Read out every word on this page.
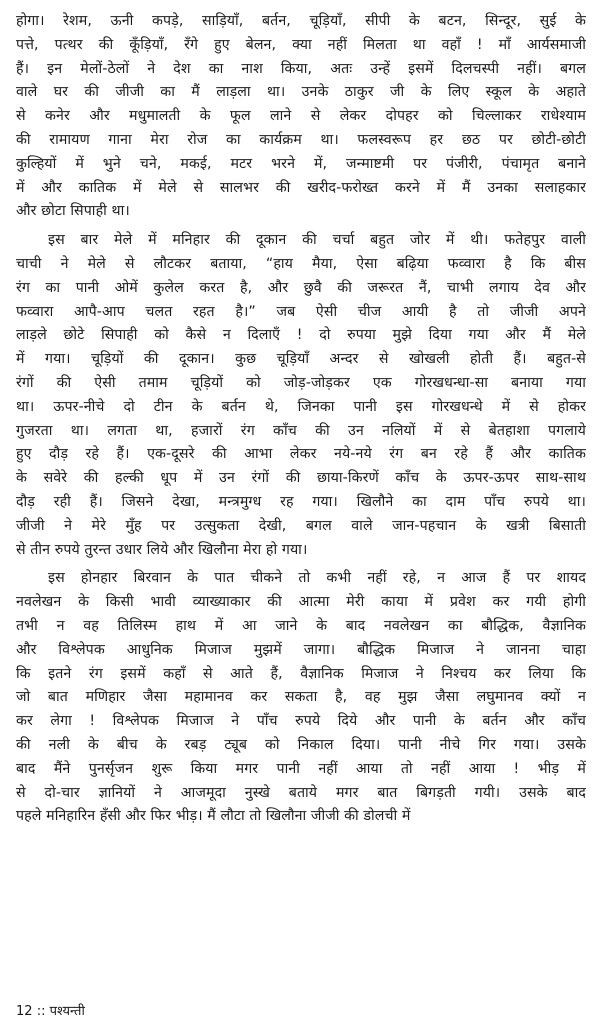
होगा। रेशम, ऊनी कपड़े, साड़ियाँ, बर्तन, चूड़ियाँ, सीपी के बटन, सिन्दूर, सुई के
पत्ते, पत्थर की कूँड़ियाँ, रँगे हुए बेलन, क्या नहीं मिलता था वहाँ ! माँ आर्यसमाजी
हैं। इन मेलों-ठेलों ने देश का नाश किया, अतः उन्हें इसमें दिलचस्पी नहीं। बगल
वाले घर की जीजी का मैं लाड़ला था। उनके ठाकुर जी के लिए स्कूल के अहाते
से कनेर और मधुमालती के फूल लाने से लेकर दोपहर को चिल्लाकर राधेश्याम
की रामायण गाना मेरा रोज का कार्यक्रम था। फलस्वरूप हर छठ पर छोटी-छोटी
कुल्हियों में भुने चने, मकई, मटर भरने में, जन्माष्टमी पर पंजीरी, पंचामृत बनाने
में और कातिक में मेले से सालभर की खरीद-फरोख्त करने में मैं उनका सलाहकार
और छोटा सिपाही था।
इस बार मेले में मनिहार की दूकान की चर्चा बहुत जोर में थी। फतेहपुर वाली
चाची ने मेले से लौटकर बताया, “हाय मैया, ऐसा बढ़िया फव्वारा है कि बीस
रंग का पानी ओमें कुलेल करत है, और छुवै की जरूरत नैं, चाभी लगाय देव और
फव्वारा आपै-आप चलत रहत है।” जब ऐसी चीज आयी है तो जीजी अपने
लाड़ले छोटे सिपाही को कैसे न दिलाएँ ! दो रुपया मुझे दिया गया और मैं मेले
में गया। चूड़ियों की दूकान। कुछ चूड़ियाँ अन्दर से खोखली होती हैं। बहुत-से
रंगों की ऐसी तमाम चूड़ियों को जोड़-जोड़कर एक गोरखधन्धा-सा बनाया गया
था। ऊपर-नीचे दो टीन के बर्तन थे, जिनका पानी इस गोरखधन्धे में से होकर
गुजरता था। लगता था, हजारों रंग काँच की उन नलियों में से बेतहाशा पगलाये
हुए दौड़ रहे हैं। एक-दूसरे की आभा लेकर नये-नये रंग बन रहे हैं और कातिक
के सवेरे की हल्की धूप में उन रंगों की छाया-किरणें काँच के ऊपर-ऊपर साथ-साथ
दौड़ रही हैं। जिसने देखा, मन्त्रमुग्ध रह गया। खिलौने का दाम पाँच रुपये था।
जीजी ने मेरे मुँह पर उत्सुकता देखी, बगल वाले जान-पहचान के खत्री बिसाती
से तीन रुपये तुरन्त उधार लिये और खिलौना मेरा हो गया।
इस होनहार बिरवान के पात चीकने तो कभी नहीं रहे, न आज हैं पर शायद
नवलेखन के किसी भावी व्याख्याकार की आत्मा मेरी काया में प्रवेश कर गयी होगी
तभी न वह तिलिस्म हाथ में आ जाने के बाद नवलेखन का बौद्धिक, वैज्ञानिक
और विश्लेपक आधुनिक मिजाज मुझमें जागा। बौद्धिक मिजाज ने जानना चाहा
कि इतने रंग इसमें कहाँ से आते हैं, वैज्ञानिक मिजाज ने निश्चय कर लिया कि
जो बात मणिहार जैसा महामानव कर सकता है, वह मुझ जैसा लघुमानव क्यों न
कर लेगा ! विश्लेपक मिजाज ने पाँच रुपये दिये और पानी के बर्तन और काँच
की नली के बीच के रबड़ ट्यूब को निकाल दिया। पानी नीचे गिर गया। उसके
बाद मैंने पुनर्सृजन शुरू किया मगर पानी नहीं आया तो नहीं आया ! भीड़ में
से दो-चार ज्ञानियों ने आजमूदा नुस्खे बताये मगर बात बिगड़ती गयी। उसके बाद
पहले मनिहारिन हँसी और फिर भीड़। मैं लौटा तो खिलौना जीजी की डोलची में
12 :: पश्यन्ती
